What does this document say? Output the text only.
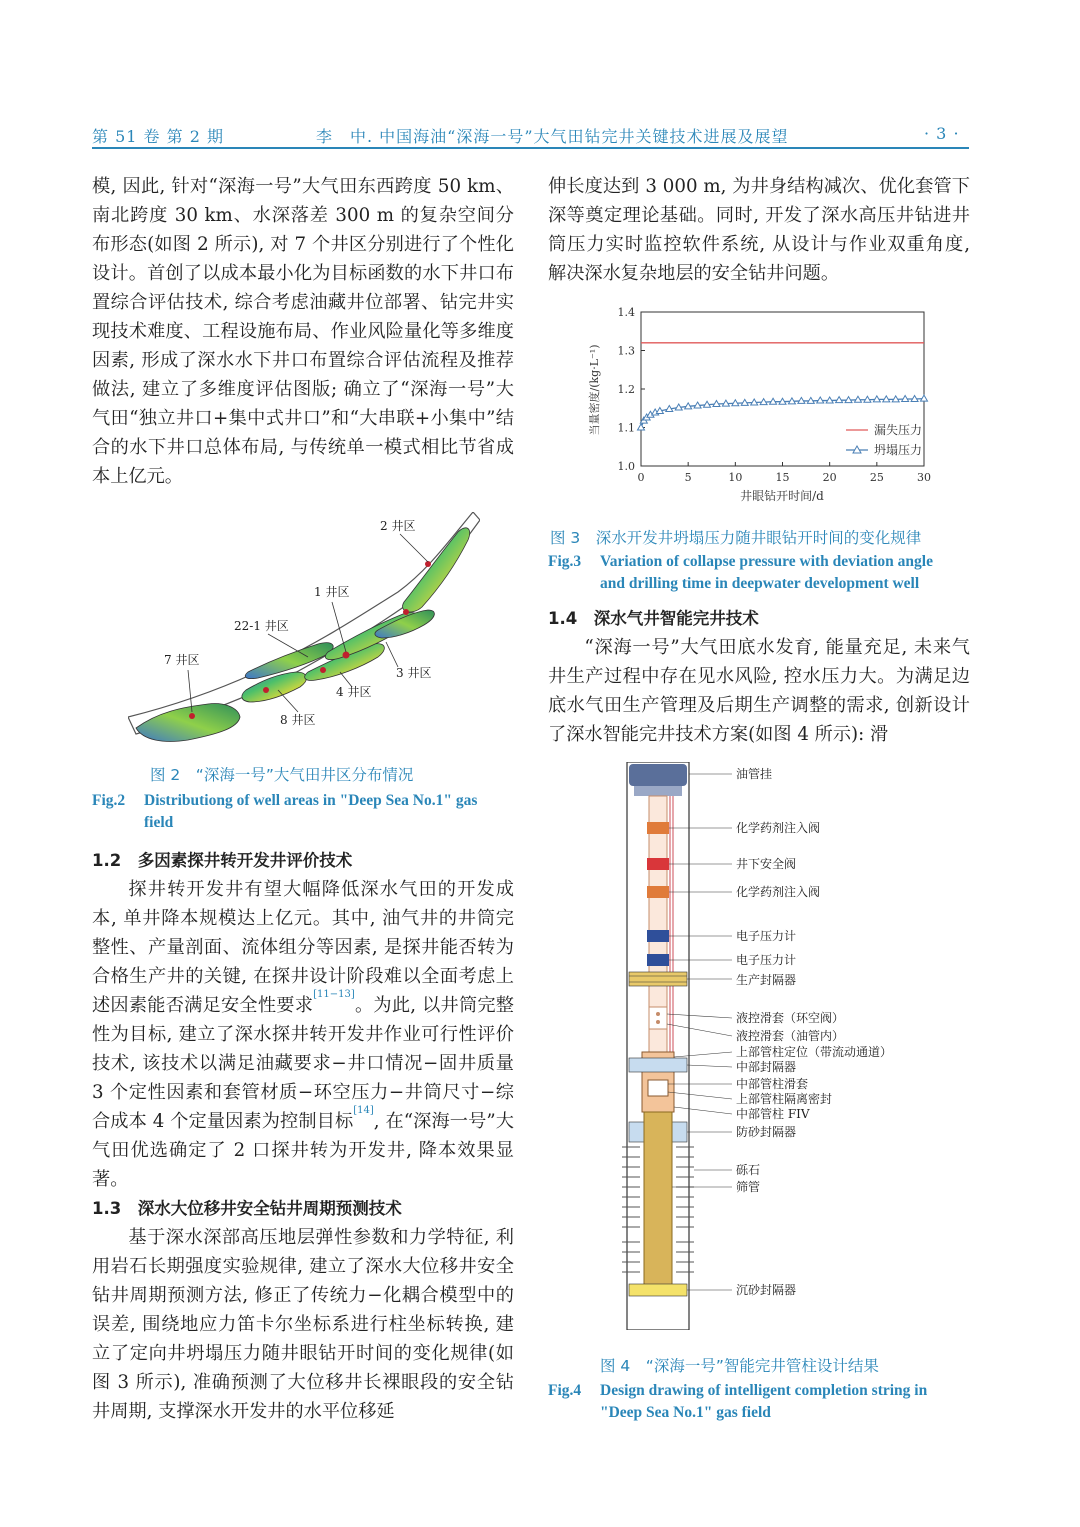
第 51 卷 第 2 期	李　中. 中国海油“深海一号”大气田钻完井关键技术进展及展望	· 3 ·

模, 因此, 针对“深海一号”大气田东西跨度 50 km、南北跨度 30 km、水深落差 300 m 的复杂空间分布形态(如图 2 所示), 对 7 个井区分别进行了个性化设计。首创了以成本最小化为目标函数的水下井口布置综合评估技术, 综合考虑油藏井位部署、钻完井实现技术难度、工程设施布局、作业风险量化等多维度因素, 形成了深水水下井口布置综合评估流程及推荐做法, 建立了多维度评估图版; 确立了“深海一号”大气田“独立井口+集中式井口”和“大串联+小集中”结合的水下井口总体布局, 与传统单一模式相比节省成本上亿元。

2 井区
1 井区
22-1 井区
7 井区
3 井区
4 井区
8 井区
图 2　“深海一号”大气田井区分布情况
Fig.2 Distributiong of well areas in "Deep Sea No.1" gas
field

1.2　 多因素探井转开发井评价技术

探井转开发井有望大幅降低深水气田的开发成本, 单井降本规模达上亿元。其中, 油气井的井筒完整性、产量剖面、流体组分等因素, 是探井能否转为合格生产井的关键, 在探井设计阶段难以全面考虑上述因素能否满足安全性要求[11−13]。为此, 以井筒完整性为目标, 建立了深水探井转开发井作业可行性评价技术, 该技术以满足油藏要求−井口情况−固井质量 3 个定性因素和套管材质−环空压力−井筒尺寸−综合成本 4 个定量因素为控制目标[14], 在“深海一号”大气田优选确定了 2 口探井转为开发井, 降本效果显著。

1.3　 深水大位移井安全钻井周期预测技术

基于深水深部高压地层弹性参数和力学特征, 利用岩石长期强度实验规律, 建立了深水大位移井安全钻井周期预测方法, 修正了传统力−化耦合模型中的误差, 围绕地应力笛卡尔坐标系进行柱坐标转换, 建立了定向井坍塌压力随井眼钻开时间的变化规律(如图 3 所示), 准确预测了大位移井长裸眼段的安全钻井周期, 支撑深水开发井的水平位移延

伸长度达到 3 000 m, 为井身结构减次、优化套管下深等奠定理论基础。同时, 开发了深水高压井钻进井筒压力实时监控软件系统, 从设计与作业双重角度, 解决深水复杂地层的安全钻井问题。

1.0
1.1
1.2
1.3
1.4
0	5	10	15	20	25	30
漏失压力
坍塌压力
井眼钻开时间/d
当量密度/(kg·L⁻¹)
图 3　深水开发井坍塌压力随井眼钻开时间的变化规律
Fig.3 Variation of collapse pressure with deviation angle
and drilling time in deepwater development well

1.4　 深水气井智能完井技术

“深海一号”大气田底水发育, 能量充足, 未来气井生产过程中存在见水风险, 控水压力大。为满足边底水气田生产管理及后期生产调整的需求, 创新设计了深水智能完井技术方案(如图 4 所示): 滑

油管挂
化学药剂注入阀
井下安全阀
化学药剂注入阀
电子压力计
电子压力计
生产封隔器
液控滑套（环空阀）
液控滑套（油管内）
上部管柱定位（带流动通道）
中部封隔器
中部管柱滑套
上部管柱隔离密封
中部管柱 FIV
防砂封隔器
砾石
筛管
沉砂封隔器
图 4　“深海一号”智能完井管柱设计结果
Fig.4 Design drawing of intelligent completion string in
"Deep Sea No.1" gas field
